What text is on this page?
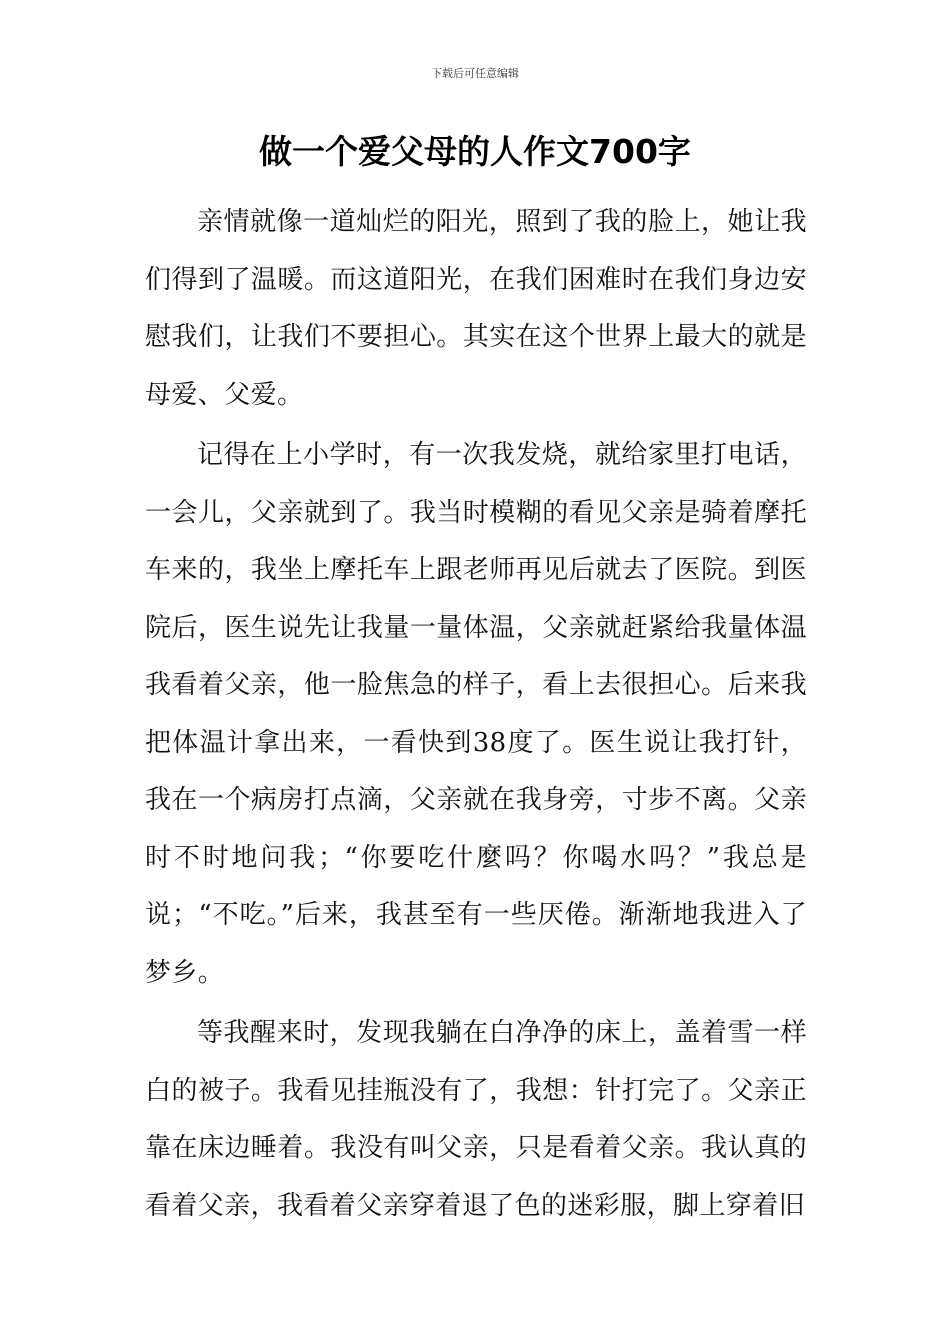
下载后可任意编辑
做一个爱父母的人作文700字

亲情就像一道灿烂的阳光，照到了我的脸上，她让我们得到了温暖。而这道阳光，在我们困难时在我们身边安慰我们，让我们不要担心。其实在这个世界上最大的就是母爱、父爱。

记得在上小学时，有一次我发烧，就给家里打电话，一会儿，父亲就到了。我当时模糊的看见父亲是骑着摩托车来的，我坐上摩托车上跟老师再见后就去了医院。到医院后，医生说先让我量一量体温，父亲就赶紧给我量体温我看着父亲，他一脸焦急的样子，看上去很担心。后来我把体温计拿出来，一看快到38度了。医生说让我打针，我在一个病房打点滴，父亲就在我身旁，寸步不离。父亲时不时地问我；“你要吃什麼吗？你喝水吗？”我总是说；“不吃。”后来，我甚至有一些厌倦。渐渐地我进入了梦乡。

等我醒来时，发现我躺在白净净的床上，盖着雪一样白的被子。我看见挂瓶没有了，我想：针打完了。父亲正靠在床边睡着。我没有叫父亲，只是看着父亲。我认真的看着父亲，我看着父亲穿着退了色的迷彩服，脚上穿着旧
